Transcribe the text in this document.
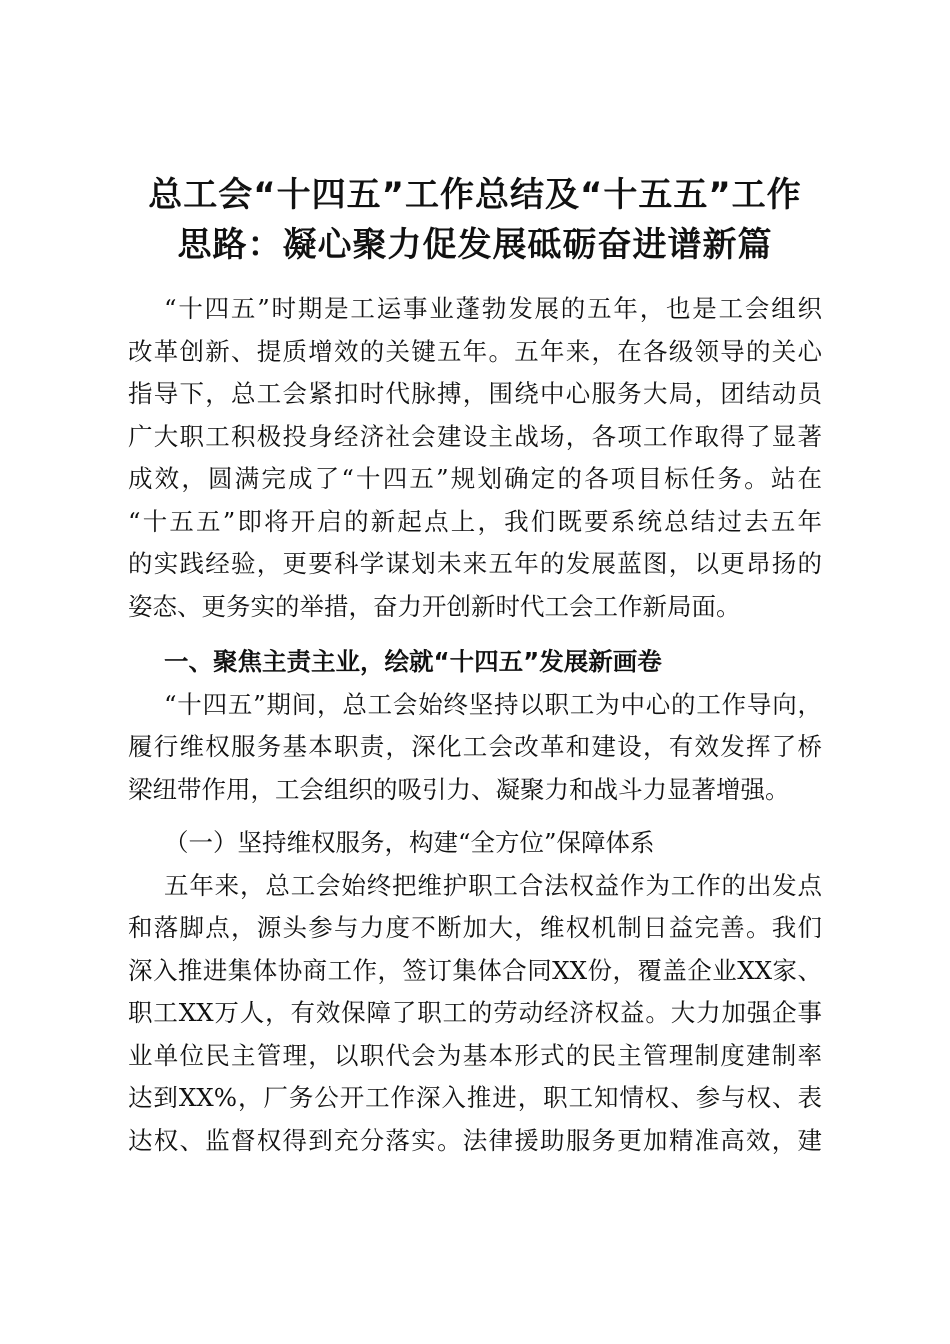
总工会“十四五”工作总结及“十五五”工作
思路：凝心聚力促发展砥砺奋进谱新篇
“十四五”时期是工运事业蓬勃发展的五年，也是工会组织
改革创新、提质增效的关键五年。五年来，在各级领导的关心
指导下，总工会紧扣时代脉搏，围绕中心服务大局，团结动员
广大职工积极投身经济社会建设主战场，各项工作取得了显著
成效，圆满完成了“十四五”规划确定的各项目标任务。站在
“十五五”即将开启的新起点上，我们既要系统总结过去五年
的实践经验，更要科学谋划未来五年的发展蓝图，以更昂扬的
姿态、更务实的举措，奋力开创新时代工会工作新局面。
一、聚焦主责主业，绘就“十四五”发展新画卷
“十四五”期间，总工会始终坚持以职工为中心的工作导向，
履行维权服务基本职责，深化工会改革和建设，有效发挥了桥
梁纽带作用，工会组织的吸引力、凝聚力和战斗力显著增强。
（一）坚持维权服务，构建“全方位”保障体系
五年来，总工会始终把维护职工合法权益作为工作的出发点
和落脚点，源头参与力度不断加大，维权机制日益完善。我们
深入推进集体协商工作，签订集体合同XX份，覆盖企业XX家、
职工XX万人，有效保障了职工的劳动经济权益。大力加强企事
业单位民主管理，以职代会为基本形式的民主管理制度建制率
达到XX%，厂务公开工作深入推进，职工知情权、参与权、表
达权、监督权得到充分落实。法律援助服务更加精准高效，建
